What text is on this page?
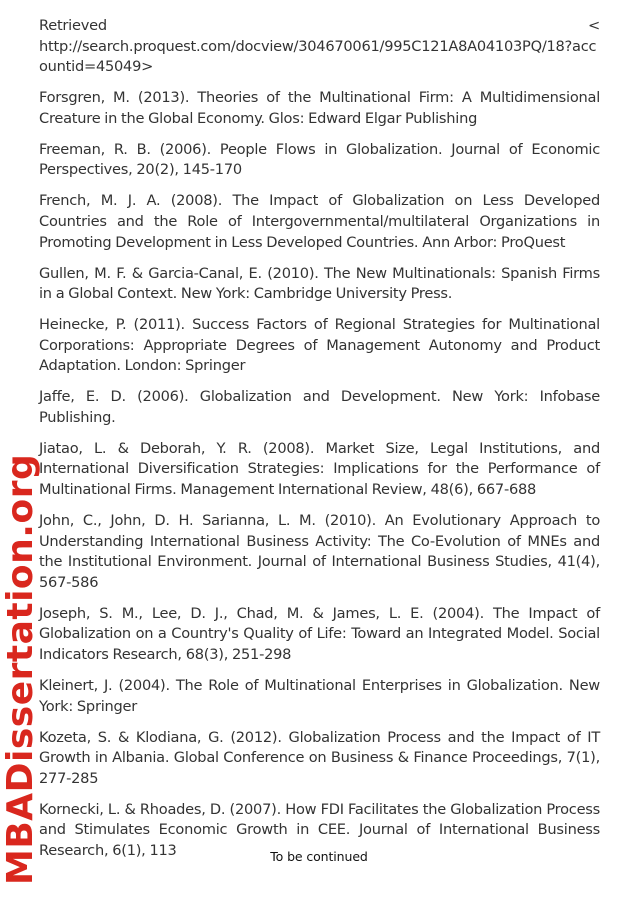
Retrieved	<
http://search.proquest.com/docview/304670061/995C121A8A04103PQ/18?accountid=45049>

Forsgren, M. (2013). Theories of the Multinational Firm: A Multidimensional Creature in the Global Economy. Glos: Edward Elgar Publishing

Freeman, R. B. (2006). People Flows in Globalization. Journal of Economic Perspectives, 20(2), 145-170

French, M. J. A. (2008). The Impact of Globalization on Less Developed Countries and the Role of Intergovernmental/multilateral Organizations in Promoting Development in Less Developed Countries. Ann Arbor: ProQuest

Gullen, M. F. & Garcia-Canal, E. (2010). The New Multinationals: Spanish Firms in a Global Context. New York: Cambridge University Press.

Heinecke, P. (2011). Success Factors of Regional Strategies for Multinational Corporations: Appropriate Degrees of Management Autonomy and Product Adaptation. London: Springer

Jaffe, E. D. (2006). Globalization and Development. New York: Infobase Publishing.

Jiatao, L. & Deborah, Y. R. (2008). Market Size, Legal Institutions, and International Diversification Strategies: Implications for the Performance of Multinational Firms. Management International Review, 48(6), 667-688

John, C., John, D. H. Sarianna, L. M. (2010). An Evolutionary Approach to Understanding International Business Activity: The Co-Evolution of MNEs and the Institutional Environment. Journal of International Business Studies, 41(4), 567-586

Joseph, S. M., Lee, D. J., Chad, M. & James, L. E. (2004). The Impact of Globalization on a Country's Quality of Life: Toward an Integrated Model. Social Indicators Research, 68(3), 251-298

Kleinert, J. (2004). The Role of Multinational Enterprises in Globalization. New York: Springer

Kozeta, S. & Klodiana, G. (2012). Globalization Process and the Impact of IT Growth in Albania. Global Conference on Business & Finance Proceedings, 7(1), 277-285

Kornecki, L. & Rhoades, D. (2007). How FDI Facilitates the Globalization Process and Stimulates Economic Growth in CEE. Journal of International Business Research, 6(1), 113

MBADissertation.org	To be continued
